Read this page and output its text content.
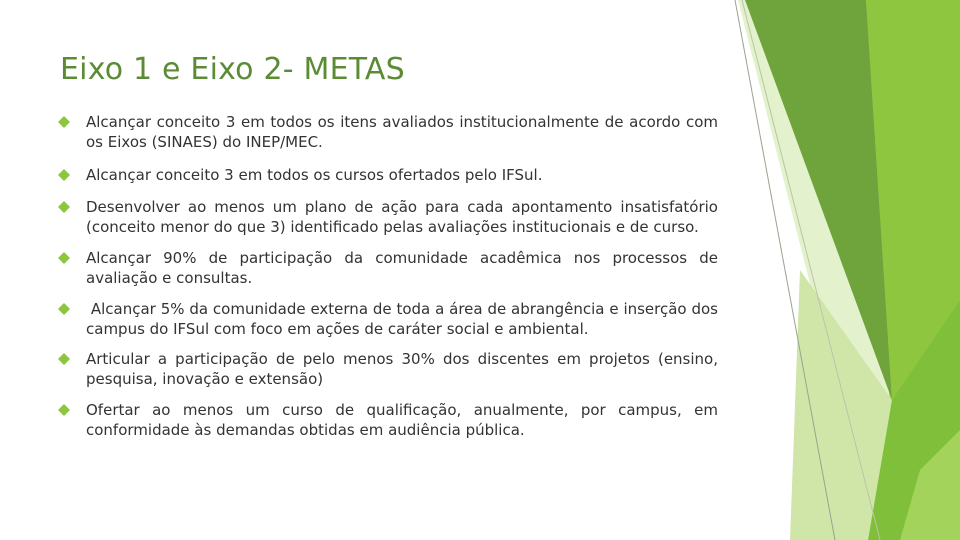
Eixo 1 e Eixo 2- METAS
Alcançar conceito 3 em todos os itens avaliados institucionalmente de acordo com os Eixos (SINAES) do INEP/MEC.
Alcançar conceito 3 em todos os cursos ofertados pelo IFSul.
Desenvolver ao menos um plano de ação para cada apontamento insatisfatório (conceito menor do que 3) identificado pelas avaliações institucionais e de curso.
Alcançar 90% de participação da comunidade acadêmica nos processos de avaliação e consultas.
Alcançar 5% da comunidade externa de toda a área de abrangência e inserção dos campus do IFSul com foco em ações de caráter social e ambiental.
Articular a participação de pelo menos 30% dos discentes em projetos (ensino, pesquisa, inovação e extensão)
Ofertar ao menos um curso de qualificação, anualmente, por campus, em conformidade às demandas obtidas em audiência pública.
